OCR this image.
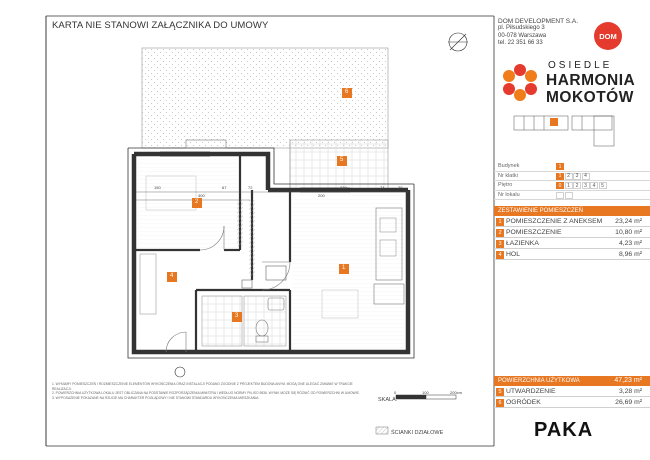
6
5
2
1
4
3
150
400
67	72
200
219	74	38
KARTA NIE STANOWI ZAŁĄCZNIKA DO UMOWY	DOM DEVELOPMENT S.A.
pl. Piłsudskiego 3
00-078 Warszawa
tel. 22 351 66 33
DOM
OSIEDLE
HARMONIA
MOKOTÓW
Budynek	1
Nr klatki	1	2	3	4
Piętro	0	1	2	3	4	5
Nr lokalu
ZESTAWIENIE POMIESZCZEŃ
1 POMIESZCZENIE Z ANEKSEM 23,24 m²
2 POMIESZCZENIE	10,80 m²
3 ŁAZIENKA	4,23 m²
4 HOL	8,96 m²
POWIERZCHNIA UŻYTKOWA	47,23 m²
5 UTWARDZENIE	3,28 m²
6 OGRÓDEK	26,69 m²
1. WYMIARY POMIESZCZEŃ I ROZMIESZCZENIE ELEMENTÓW WYKOŃCZENIA ORAZ INSTALACJI PODANO ZGODNIE Z PROJEKTEM BUDOWLANYM. MOGĄ ONE ULEGAĆ ZMIANIE W TRAKCIE REALIZACJI.
2. POWIERZCHNIA UŻYTKOWA LOKALU JEST OBLICZANA NA PODSTAWIE ROZPORZĄDZENIA MINISTRA I WEDŁUG NORMY PN-ISO 9836. WYNIK MOŻE SIĘ RÓŻNIĆ OD POWIERZCHNI W UMOWIE.
3. WYPOSAŻENIE POKAZANE NA RZUCIE MA CHARAKTER POGLĄDOWY I NIE STANOWI STANDARDU WYKOŃCZENIA MIESZKANIA.	SKALA:
0	100	200cm
ŚCIANKI DZIAŁOWE	PAKA
